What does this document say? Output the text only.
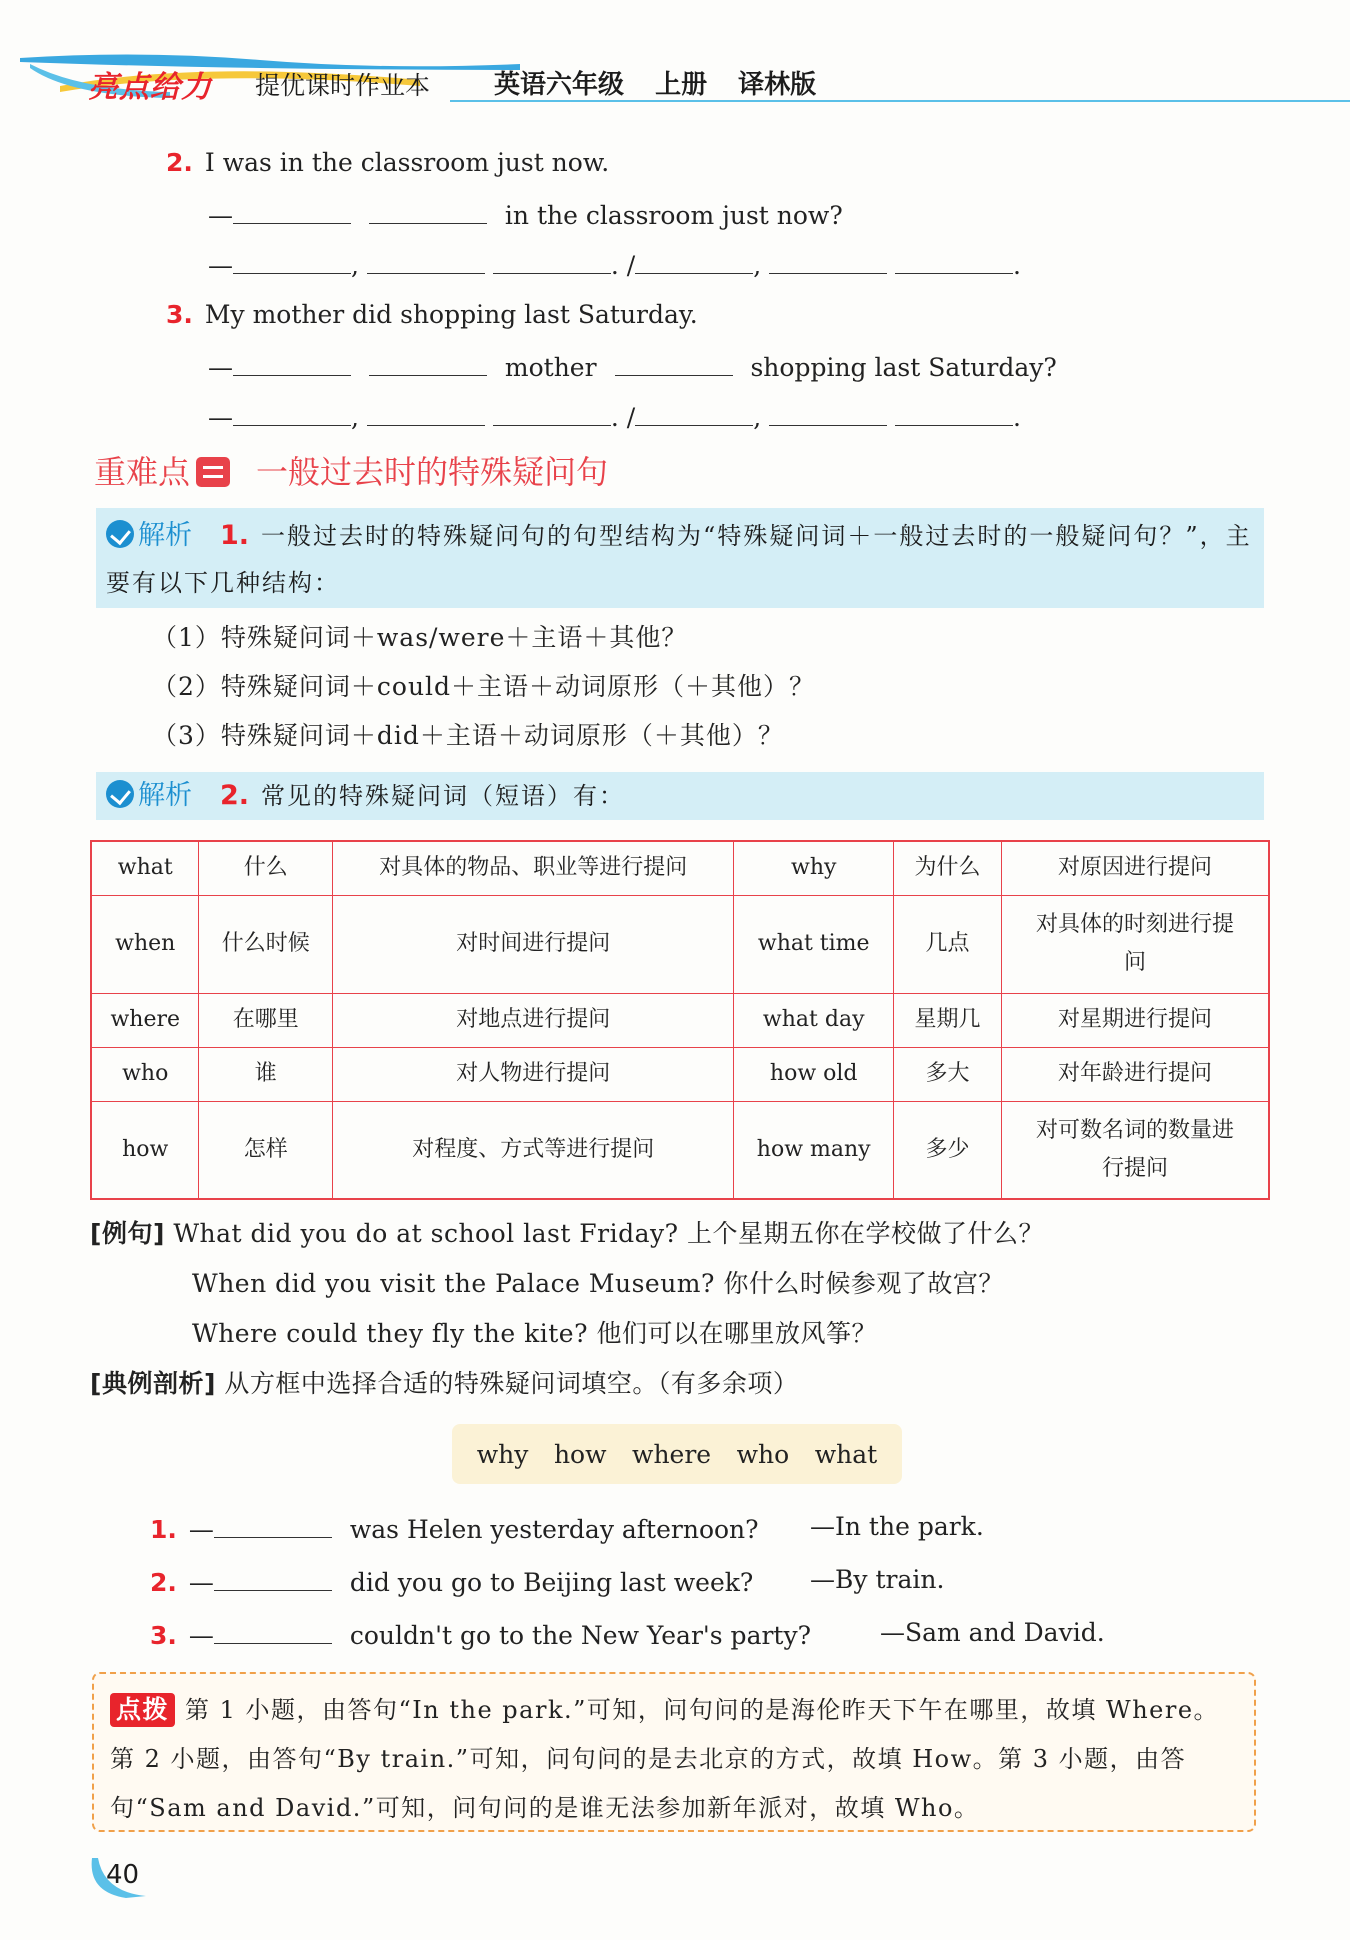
亮点给力 提优课时作业本 英语六年级 上册 译林版
2. I was in the classroom just now.
—	in the classroom just now?
—	,	. /	,	.
3. My mother did shopping last Saturday.
—	mother	shopping last Saturday?
—	,	. /	,	.
重难点 一般过去时的特殊疑问句
解析 1. 一般过去时的特殊疑问句的句型结构为“特殊疑问词＋一般过去时的一般疑问句？”，主要有以下几种结构：
（1）特殊疑问词＋was/were＋主语＋其他？
（2）特殊疑问词＋could＋主语＋动词原形（＋其他）？
（3）特殊疑问词＋did＋主语＋动词原形（＋其他）？
解析 2. 常见的特殊疑问词（短语）有：
what	什么	对具体的物品、职业等进行提问	why	为什么	对原因进行提问
when	什么时候	对时间进行提问	what time	几点	对具体的时刻进行提问
where	在哪里	对地点进行提问	what day	星期几	对星期进行提问
who	谁	对人物进行提问	how old	多大	对年龄进行提问
how	怎样	对程度、方式等进行提问	how many	多少	对可数名词的数量进行提问
[例句] What did you do at school last Friday? 上个星期五你在学校做了什么？
When did you visit the Palace Museum? 你什么时候参观了故宫？
Where could they fly the kite? 他们可以在哪里放风筝？
[典例剖析] 从方框中选择合适的特殊疑问词填空。（有多余项）
why how where who what
1. —	was Helen yesterday afternoon? —In the park.
2. —	did you go to Beijing last week? —By train.
3. —	couldn't go to the New Year's party?	—Sam and David.
点拨 第 1 小题，由答句“In the park.”可知，问句问的是海伦昨天下午在哪里，故填 Where。第 2 小题，由答句“By train.”可知，问句问的是去北京的方式，故填 How。第 3 小题，由答句“Sam and David.”可知，问句问的是谁无法参加新年派对，故填 Who。
40
